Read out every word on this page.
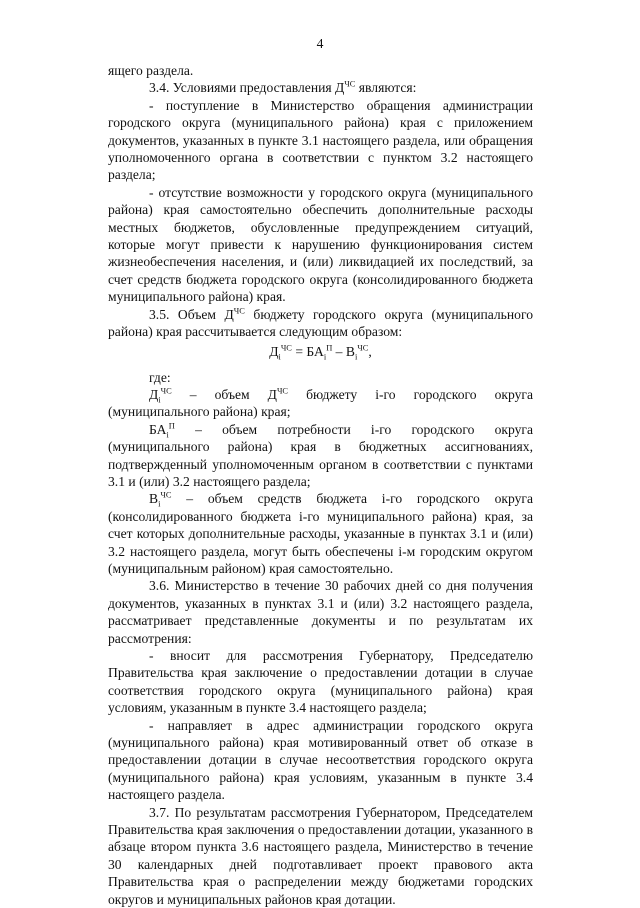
4

ящего раздела.

3.4. Условиями предоставления $Д^{ЧС}$ являются:

- поступление в Министерство обращения администрации городского округа (муниципального района) края с приложением документов, указанных в пункте 3.1 настоящего раздела, или обращения уполномоченного органа в соответствии с пунктом 3.2 настоящего раздела;

- отсутствие возможности у городского округа (муниципального района) края самостоятельно обеспечить дополнительные расходы местных бюджетов, обусловленные предупреждением ситуаций, которые могут привести к нарушению функционирования систем жизнеобеспечения населения, и (или) ликвидацией их последствий, за счет средств бюджета городского округа (консолидированного бюджета муниципального района) края.

3.5. Объем $Д^{ЧС}$ бюджету городского округа (муниципального района) края рассчитывается следующим образом:

$Д_i^{ЧС} = БА_i^П - В_i^{ЧС}$,

где:

$Д_i^{ЧС}$ – объем $Д^{ЧС}$ бюджету i-го городского округа (муниципального района) края;

$БА_i^П$ – объем потребности i-го городского округа (муниципального района) края в бюджетных ассигнованиях, подтвержденный уполномоченным органом в соответствии с пунктами 3.1 и (или) 3.2 настоящего раздела;

$В_i^{ЧС}$ – объем средств бюджета i-го городского округа (консолидированного бюджета i-го муниципального района) края, за счет которых дополнительные расходы, указанные в пунктах 3.1 и (или) 3.2 настоящего раздела, могут быть обеспечены i-м городским округом (муниципальным районом) края самостоятельно.

3.6. Министерство в течение 30 рабочих дней со дня получения документов, указанных в пунктах 3.1 и (или) 3.2 настоящего раздела, рассматривает представленные документы и по результатам их рассмотрения:

- вносит для рассмотрения Губернатору, Председателю Правительства края заключение о предоставлении дотации в случае соответствия городского округа (муниципального района) края условиям, указанным в пункте 3.4 настоящего раздела;

- направляет в адрес администрации городского округа (муниципального района) края мотивированный ответ об отказе в предоставлении дотации в случае несоответствия городского округа (муниципального района) края условиям, указанным в пункте 3.4 настоящего раздела.

3.7. По результатам рассмотрения Губернатором, Председателем Правительства края заключения о предоставлении дотации, указанного в абзаце втором пункта 3.6 настоящего раздела, Министерство в течение 30 календарных дней подготавливает проект правового акта Правительства края о распределении между бюджетами городских округов и муниципальных районов края дотации.
